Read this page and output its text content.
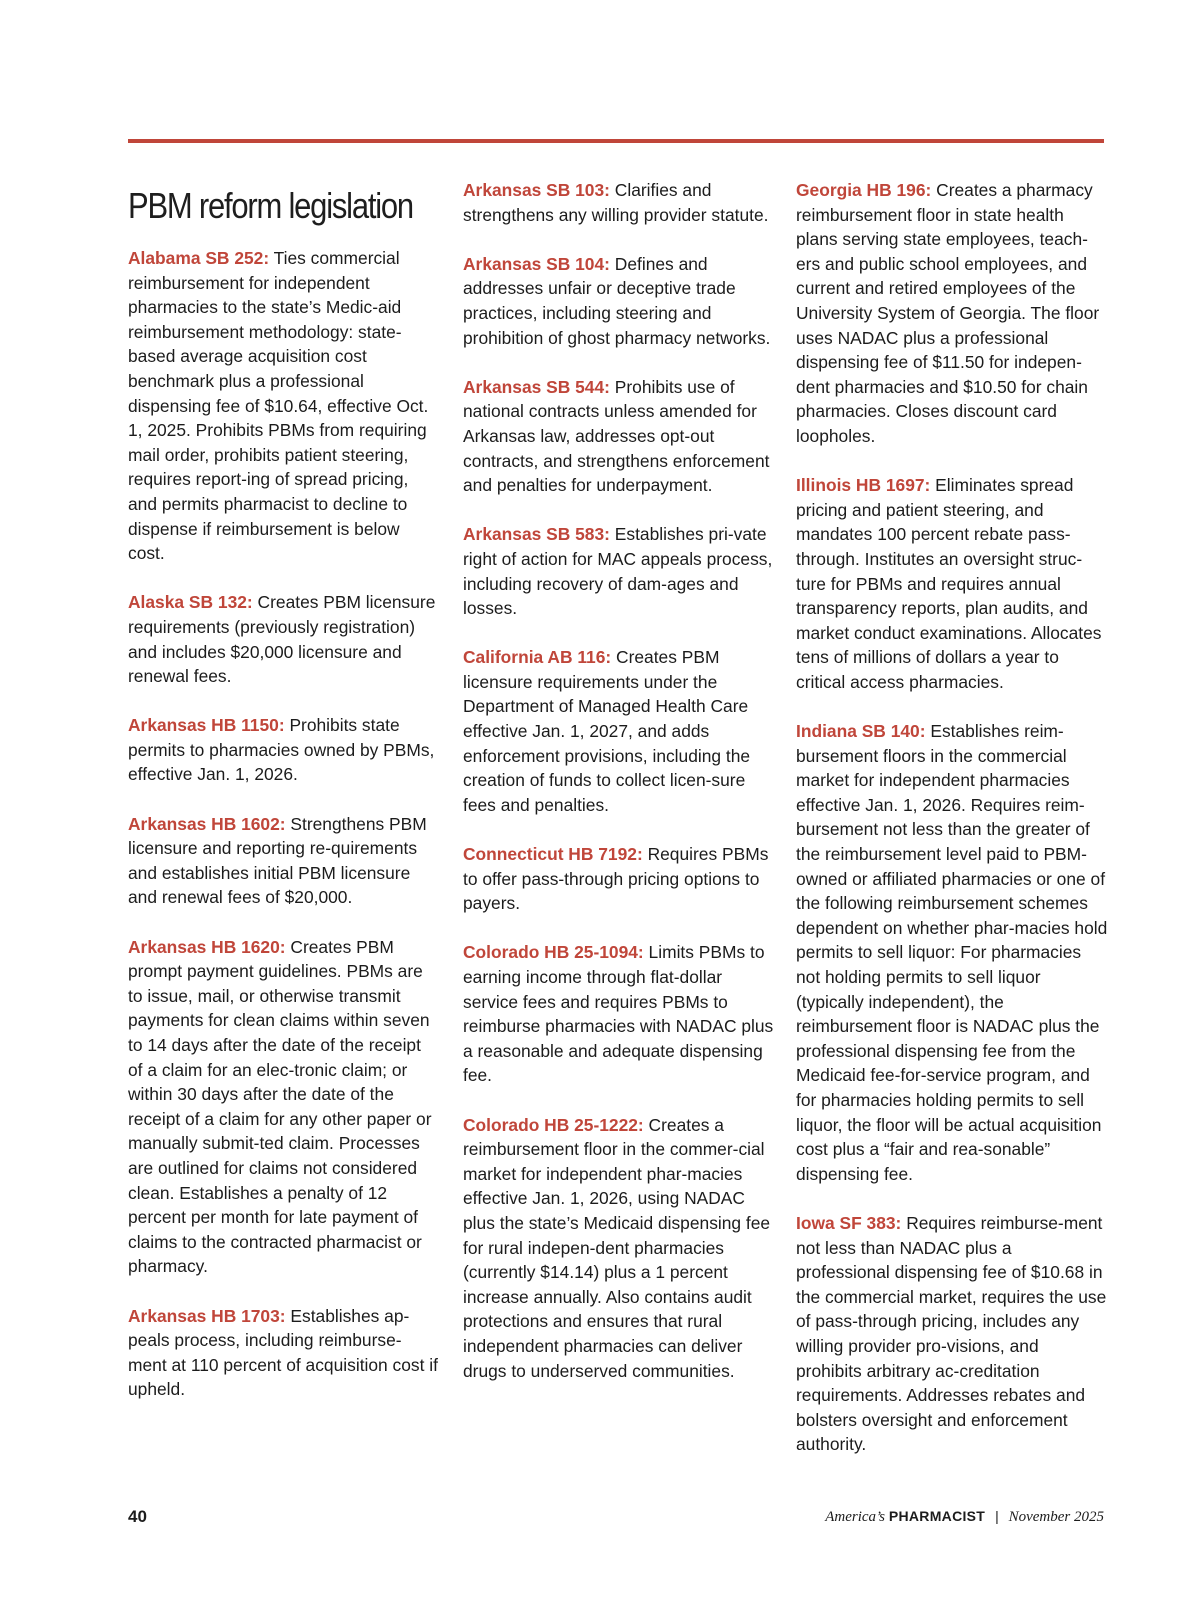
PBM reform legislation

Alabama SB 252: Ties commercial reimbursement for independent pharmacies to the state’s Medic-aid reimbursement methodology: state-based average acquisition cost benchmark plus a professional dispensing fee of $10.64, effective Oct. 1, 2025. Prohibits PBMs from requiring mail order, prohibits patient steering, requires report-ing of spread pricing, and permits pharmacist to decline to dispense if reimbursement is below cost.

Alaska SB 132: Creates PBM licensure requirements (previously registration) and includes $20,000 licensure and renewal fees.

Arkansas HB 1150: Prohibits state permits to pharmacies owned by PBMs, effective Jan. 1, 2026.

Arkansas HB 1602: Strengthens PBM licensure and reporting re-quirements and establishes initial PBM licensure and renewal fees of $20,000.

Arkansas HB 1620: Creates PBM prompt payment guidelines. PBMs are to issue, mail, or otherwise transmit payments for clean claims within seven to 14 days after the date of the receipt of a claim for an elec-tronic claim; or within 30 days after the date of the receipt of a claim for any other paper or manually submit-ted claim. Processes are outlined for claims not considered clean. Establishes a penalty of 12 percent per month for late payment of claims to the contracted pharmacist or pharmacy.

Arkansas HB 1703: Establishes ap-peals process, including reimburse-ment at 110 percent of acquisition cost if upheld.

Arkansas SB 103: Clarifies and strengthens any willing provider statute.

Arkansas SB 104: Defines and addresses unfair or deceptive trade practices, including steering and prohibition of ghost pharmacy networks.

Arkansas SB 544: Prohibits use of national contracts unless amended for Arkansas law, addresses opt-out contracts, and strengthens enforcement and penalties for underpayment.

Arkansas SB 583: Establishes pri-vate right of action for MAC appeals process, including recovery of dam-ages and losses.

California AB 116: Creates PBM licensure requirements under the Department of Managed Health Care effective Jan. 1, 2027, and adds enforcement provisions, including the creation of funds to collect licen-sure fees and penalties.

Connecticut HB 7192: Requires PBMs to offer pass-through pricing options to payers.

Colorado HB 25-1094: Limits PBMs to earning income through flat-dollar service fees and requires PBMs to reimburse pharmacies with NADAC plus a reasonable and adequate dispensing fee.

Colorado HB 25-1222: Creates a reimbursement floor in the commer-cial market for independent phar-macies effective Jan. 1, 2026, using NADAC plus the state’s Medicaid dispensing fee for rural indepen-dent pharmacies (currently $14.14) plus a 1 percent increase annually. Also contains audit protections and ensures that rural independent pharmacies can deliver drugs to underserved communities.

Georgia HB 196: Creates a pharmacy reimbursement floor in state health plans serving state employees, teach-ers and public school employees, and current and retired employees of the University System of Georgia. The floor uses NADAC plus a professional dispensing fee of $11.50 for indepen-dent pharmacies and $10.50 for chain pharmacies. Closes discount card loopholes.

Illinois HB 1697: Eliminates spread pricing and patient steering, and mandates 100 percent rebate pass-through. Institutes an oversight struc-ture for PBMs and requires annual transparency reports, plan audits, and market conduct examinations. Allocates tens of millions of dollars a year to critical access pharmacies.

Indiana SB 140: Establishes reim-bursement floors in the commercial market for independent pharmacies effective Jan. 1, 2026. Requires reim-bursement not less than the greater of the reimbursement level paid to PBM-owned or affiliated pharmacies or one of the following reimbursement schemes dependent on whether phar-macies hold permits to sell liquor: For pharmacies not holding permits to sell liquor (typically independent), the reimbursement floor is NADAC plus the professional dispensing fee from the Medicaid fee-for-service program, and for pharmacies holding permits to sell liquor, the floor will be actual acquisition cost plus a “fair and rea-sonable” dispensing fee.

Iowa SF 383: Requires reimburse-ment not less than NADAC plus a professional dispensing fee of $10.68 in the commercial market, requires the use of pass-through pricing, includes any willing provider pro-visions, and prohibits arbitrary ac-creditation requirements. Addresses rebates and bolsters oversight and enforcement authority.

40	America’s PHARMACIST | November 2025
